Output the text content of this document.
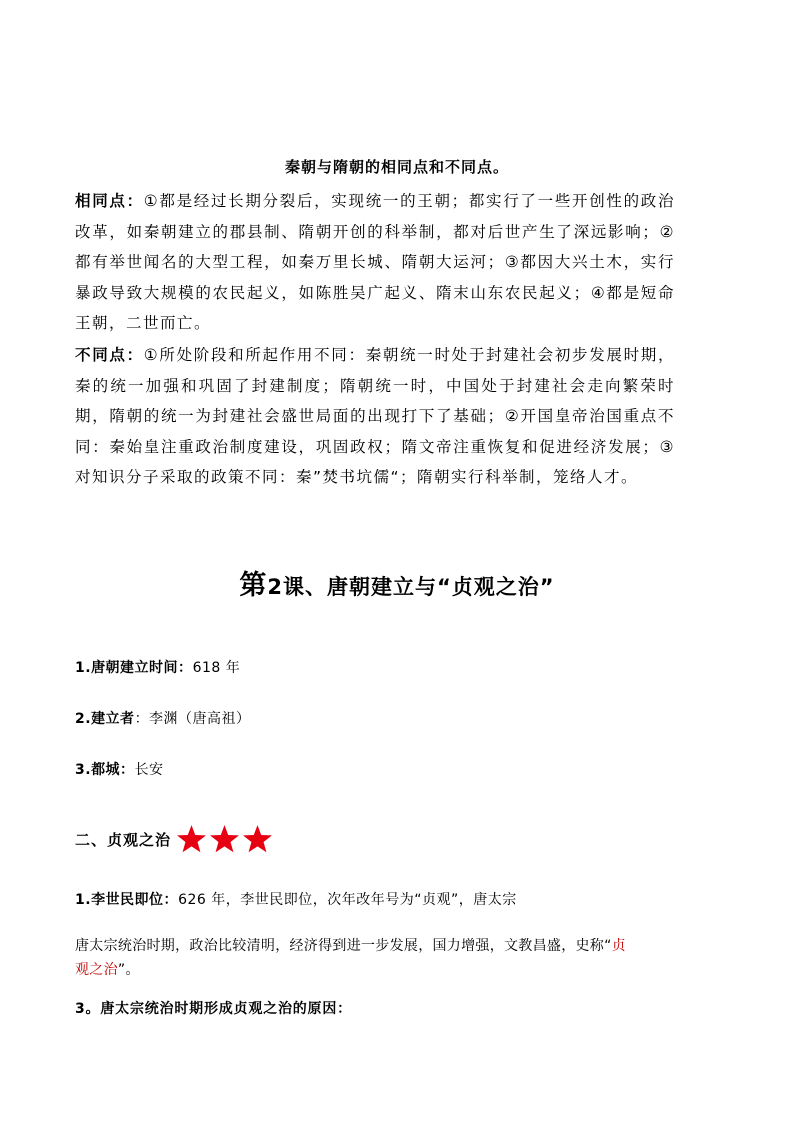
秦朝与隋朝的相同点和不同点。
相同点：①都是经过长期分裂后，实现统一的王朝；都实行了一些开创性的政治改革，如秦朝建立的郡县制、隋朝开创的科举制，都对后世产生了深远影响；②都有举世闻名的大型工程，如秦万里长城、隋朝大运河；③都因大兴土木，实行暴政导致大规模的农民起义，如陈胜吴广起义、隋末山东农民起义；④都是短命王朝，二世而亡。
不同点：①所处阶段和所起作用不同：秦朝统一时处于封建社会初步发展时期，秦的统一加强和巩固了封建制度；隋朝统一时，中国处于封建社会走向繁荣时期，隋朝的统一为封建社会盛世局面的出现打下了基础；②开国皇帝治国重点不同：秦始皇注重政治制度建设，巩固政权；隋文帝注重恢复和促进经济发展；③对知识分子采取的政策不同：秦”焚书坑儒“；隋朝实行科举制，笼络人才。
第2课、唐朝建立与“贞观之治”
1.唐朝建立时间：618 年
2.建立者：李渊（唐高祖）
3.都城：长安
二、贞观之治
1.李世民即位：626 年，李世民即位，次年改年号为“贞观”，唐太宗
唐太宗统治时期，政治比较清明，经济得到进一步发展，国力增强，文教昌盛，史称“贞
观之治”。
3。唐太宗统治时期形成贞观之治的原因：
